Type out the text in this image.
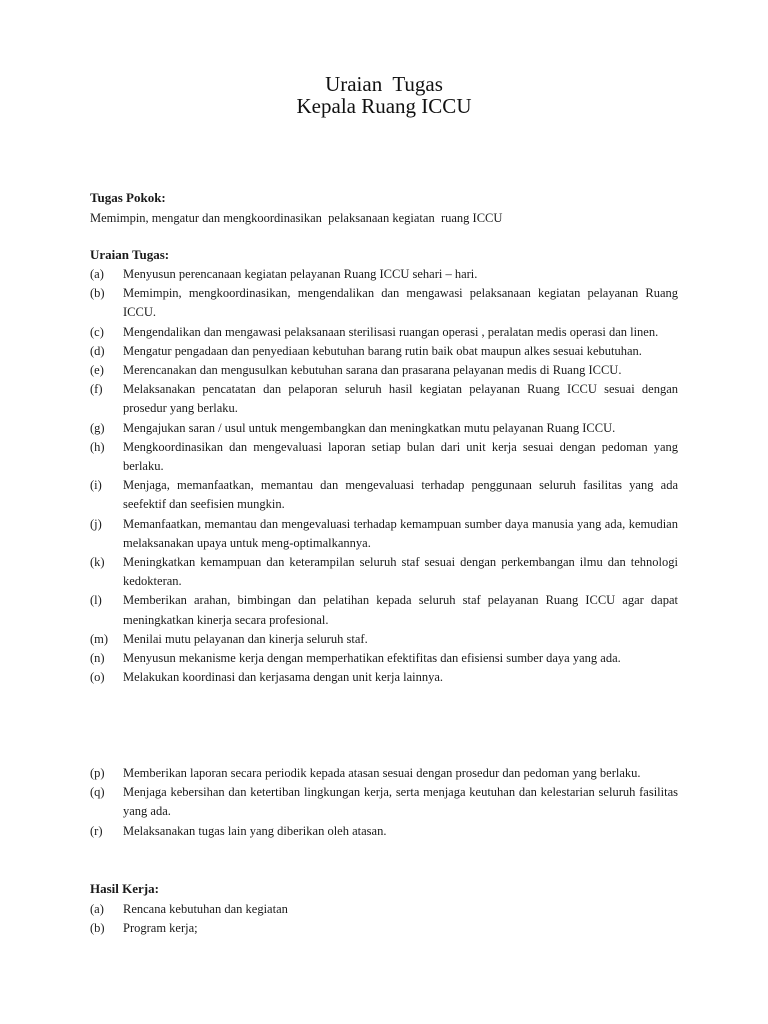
Uraian  Tugas
Kepala Ruang ICCU
Tugas Pokok:
Memimpin, mengatur dan mengkoordinasikan  pelaksanaan kegiatan  ruang ICCU
Uraian Tugas:
(a)	Menyusun perencanaan kegiatan pelayanan Ruang ICCU sehari – hari.
(b)	Memimpin, mengkoordinasikan, mengendalikan dan mengawasi pelaksanaan kegiatan pelayanan Ruang ICCU.
(c)	Mengendalikan dan mengawasi pelaksanaan sterilisasi ruangan operasi , peralatan medis operasi dan linen.
(d)	Mengatur pengadaan dan penyediaan kebutuhan barang rutin baik obat maupun alkes sesuai kebutuhan.
(e)	Merencanakan dan mengusulkan kebutuhan sarana dan prasarana pelayanan medis di Ruang ICCU.
(f)	Melaksanakan pencatatan dan pelaporan seluruh hasil kegiatan pelayanan Ruang ICCU sesuai dengan prosedur yang berlaku.
(g)	Mengajukan saran / usul untuk mengembangkan dan meningkatkan mutu pelayanan Ruang ICCU.
(h)	Mengkoordinasikan dan mengevaluasi laporan setiap bulan dari unit kerja sesuai dengan pedoman yang berlaku.
(i)	Menjaga, memanfaatkan, memantau dan mengevaluasi terhadap penggunaan seluruh fasilitas yang ada seefektif dan seefisien mungkin.
(j)	Memanfaatkan, memantau dan mengevaluasi terhadap kemampuan sumber daya manusia yang ada, kemudian melaksanakan upaya untuk meng-optimalkannya.
(k)	Meningkatkan kemampuan dan keterampilan seluruh staf sesuai dengan perkembangan ilmu dan tehnologi kedokteran.
(l)	Memberikan arahan, bimbingan dan pelatihan kepada seluruh staf pelayanan Ruang ICCU agar dapat meningkatkan kinerja secara profesional.
(m)	Menilai mutu pelayanan dan kinerja seluruh staf.
(n)	Menyusun mekanisme kerja dengan memperhatikan efektifitas dan efisiensi sumber daya yang ada.
(o)	Melakukan koordinasi dan kerjasama dengan unit kerja lainnya.
(p)	Memberikan laporan secara periodik kepada atasan sesuai dengan prosedur dan pedoman yang berlaku.
(q)	Menjaga kebersihan dan ketertiban lingkungan kerja, serta menjaga keutuhan dan kelestarian seluruh fasilitas yang ada.
(r)	Melaksanakan tugas lain yang diberikan oleh atasan.
Hasil Kerja:
(a)	Rencana kebutuhan dan kegiatan
(b)	Program kerja;
